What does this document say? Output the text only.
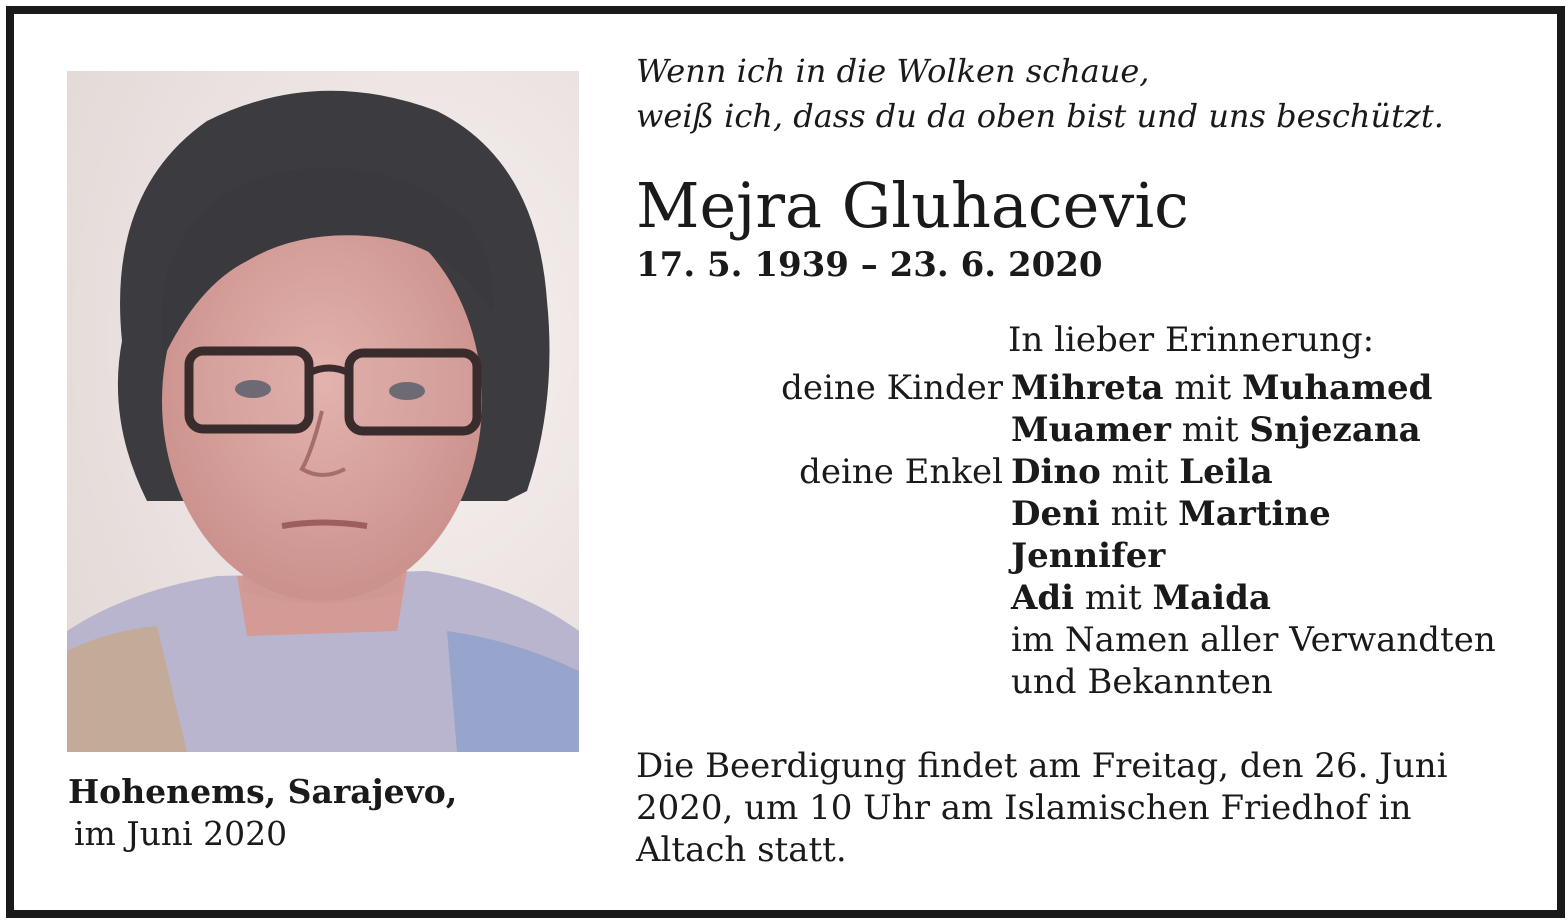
Hohenems, Sarajevo,
im Juni 2020
Wenn ich in die Wolken schaue,
weiß ich, dass du da oben bist und uns beschützt.
Mejra Gluhacevic
17. 5. 1939 – 23. 6. 2020
In lieber Erinnerung:
deine Kinder Mihreta mit Muhamed
Muamer mit Snjezana
deine Enkel Dino mit Leila
Deni mit Martine
Jennifer
Adi mit Maida
im Namen aller Verwandten
und Bekannten
Die Beerdigung findet am Freitag, den 26. Juni
2020, um 10 Uhr am Islamischen Friedhof in
Altach statt.
